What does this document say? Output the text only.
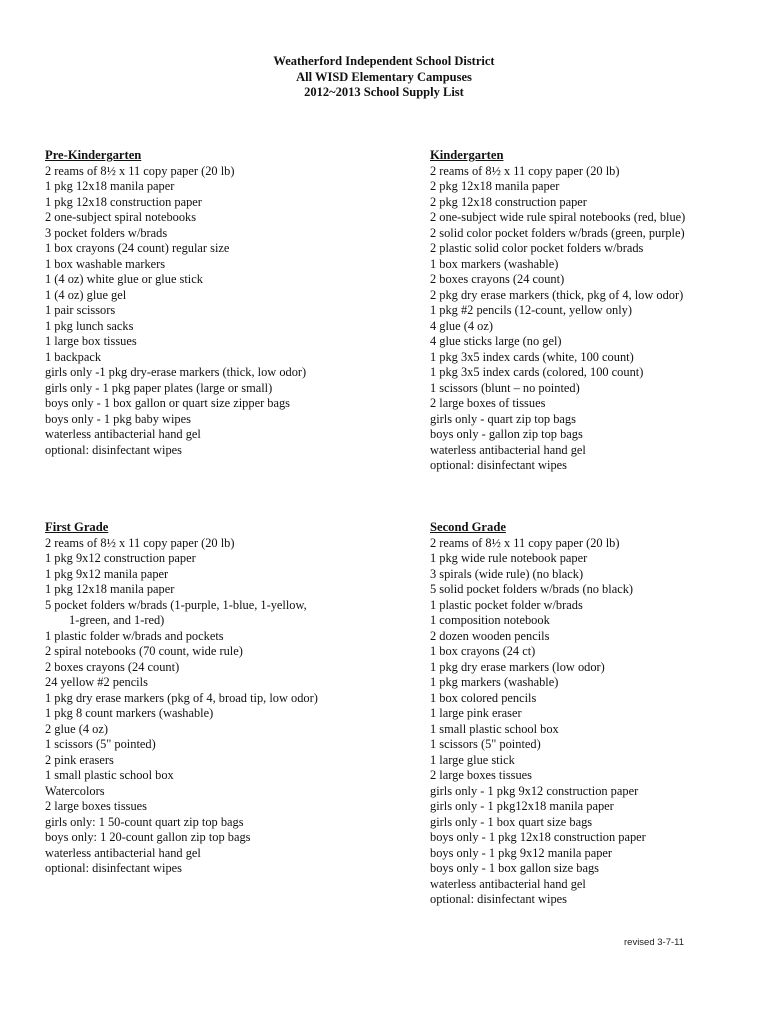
Weatherford Independent School District
All WISD Elementary Campuses
2012~2013 School Supply List
Pre-Kindergarten
2 reams of 8½ x 11 copy paper (20 lb)
1 pkg 12x18 manila paper
1 pkg 12x18 construction paper
2 one-subject spiral notebooks
3 pocket folders w/brads
1 box crayons (24 count) regular size
1 box washable markers
1 (4 oz) white glue or glue stick
1 (4 oz) glue gel
1 pair scissors
1 pkg lunch sacks
1 large box tissues
1 backpack
girls only -1 pkg dry-erase markers (thick, low odor)
girls only - 1 pkg paper plates (large or small)
boys only - 1 box gallon or quart size zipper bags
boys only - 1 pkg baby wipes
waterless antibacterial hand gel
optional: disinfectant wipes
Kindergarten
2 reams of 8½ x 11 copy paper (20 lb)
2 pkg 12x18 manila paper
2 pkg 12x18 construction paper
2 one-subject wide rule spiral notebooks (red, blue)
2 solid color pocket folders w/brads (green, purple)
2 plastic solid color pocket folders w/brads
1 box markers (washable)
2 boxes crayons (24 count)
2 pkg dry erase markers (thick, pkg of 4, low odor)
1 pkg #2 pencils (12-count, yellow only)
4 glue (4 oz)
4 glue sticks large (no gel)
1 pkg 3x5 index cards (white, 100 count)
1 pkg 3x5 index cards (colored, 100 count)
1 scissors (blunt – no pointed)
2 large boxes of tissues
girls only - quart zip top bags
boys only - gallon zip top bags
waterless antibacterial hand gel
optional: disinfectant wipes
First Grade
2 reams of 8½ x 11 copy paper (20 lb)
1 pkg 9x12 construction paper
1 pkg 9x12 manila paper
1 pkg 12x18 manila paper
5 pocket folders w/brads (1-purple, 1-blue, 1-yellow,
1-green, and 1-red)
1 plastic folder w/brads and pockets
2 spiral notebooks (70 count, wide rule)
2 boxes crayons (24 count)
24 yellow #2 pencils
1 pkg dry erase markers (pkg of 4, broad tip, low odor)
1 pkg 8 count markers (washable)
2 glue (4 oz)
1 scissors (5" pointed)
2 pink erasers
1 small plastic school box
Watercolors
2 large boxes tissues
girls only: 1 50-count quart zip top bags
boys only: 1 20-count gallon zip top bags
waterless antibacterial hand gel
optional: disinfectant wipes
Second Grade
2 reams of 8½ x 11 copy paper (20 lb)
1 pkg wide rule notebook paper
3 spirals (wide rule) (no black)
5 solid pocket folders w/brads (no black)
1 plastic pocket folder w/brads
1 composition notebook
2 dozen wooden pencils
1 box crayons (24 ct)
1 pkg dry erase markers (low odor)
1 pkg markers (washable)
1 box colored pencils
1 large pink eraser
1 small plastic school box
1 scissors (5" pointed)
1 large glue stick
2 large boxes tissues
girls only - 1 pkg 9x12 construction paper
girls only - 1 pkg12x18 manila paper
girls only - 1 box quart size bags
boys only - 1 pkg 12x18 construction paper
boys only - 1 pkg 9x12 manila paper
boys only - 1 box gallon size bags
waterless antibacterial hand gel
optional: disinfectant wipes
revised 3-7-11
